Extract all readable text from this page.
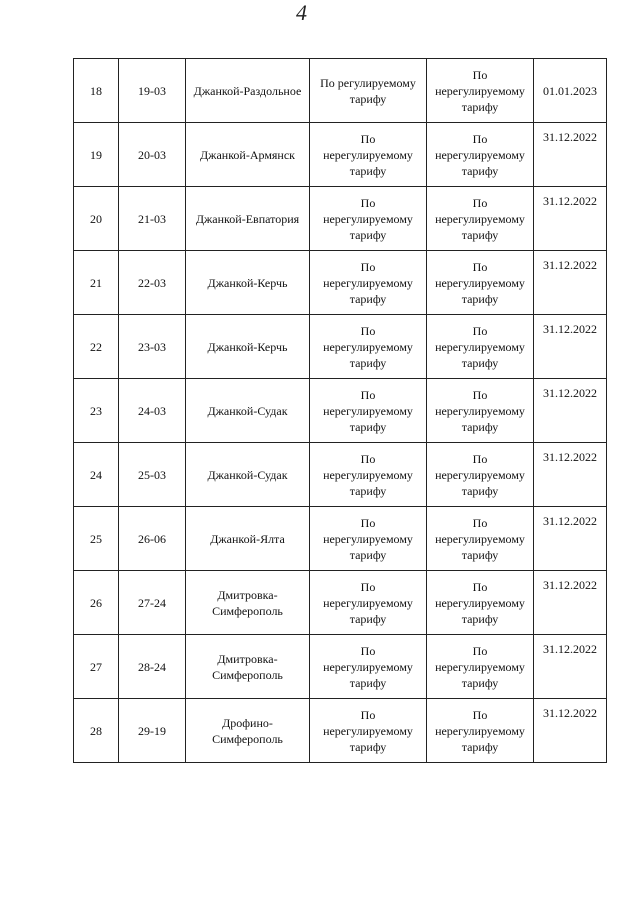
4
18	19-03	Джанкой-Раздольное	По регулируемому
тарифу	По
нерегулируемому
тарифу	01.01.2023
19	20-03	Джанкой-Армянск	По
нерегулируемому
тарифу	По
нерегулируемому
тарифу	31.12.2022
20	21-03	Джанкой-Евпатория	По
нерегулируемому
тарифу	По
нерегулируемому
тарифу	31.12.2022
21	22-03	Джанкой-Керчь	По
нерегулируемому
тарифу	По
нерегулируемому
тарифу	31.12.2022
22	23-03	Джанкой-Керчь	По
нерегулируемому
тарифу	По
нерегулируемому
тарифу	31.12.2022
23	24-03	Джанкой-Судак	По
нерегулируемому
тарифу	По
нерегулируемому
тарифу	31.12.2022
24	25-03	Джанкой-Судак	По
нерегулируемому
тарифу	По
нерегулируемому
тарифу	31.12.2022
25	26-06	Джанкой-Ялта	По
нерегулируемому
тарифу	По
нерегулируемому
тарифу	31.12.2022
26	27-24	Дмитровка-
Симферополь	По
нерегулируемому
тарифу	По
нерегулируемому
тарифу	31.12.2022
27	28-24	Дмитровка-
Симферополь	По
нерегулируемому
тарифу	По
нерегулируемому
тарифу	31.12.2022
28	29-19	Дрофино-
Симферополь	По
нерегулируемому
тарифу	По
нерегулируемому
тарифу	31.12.2022
